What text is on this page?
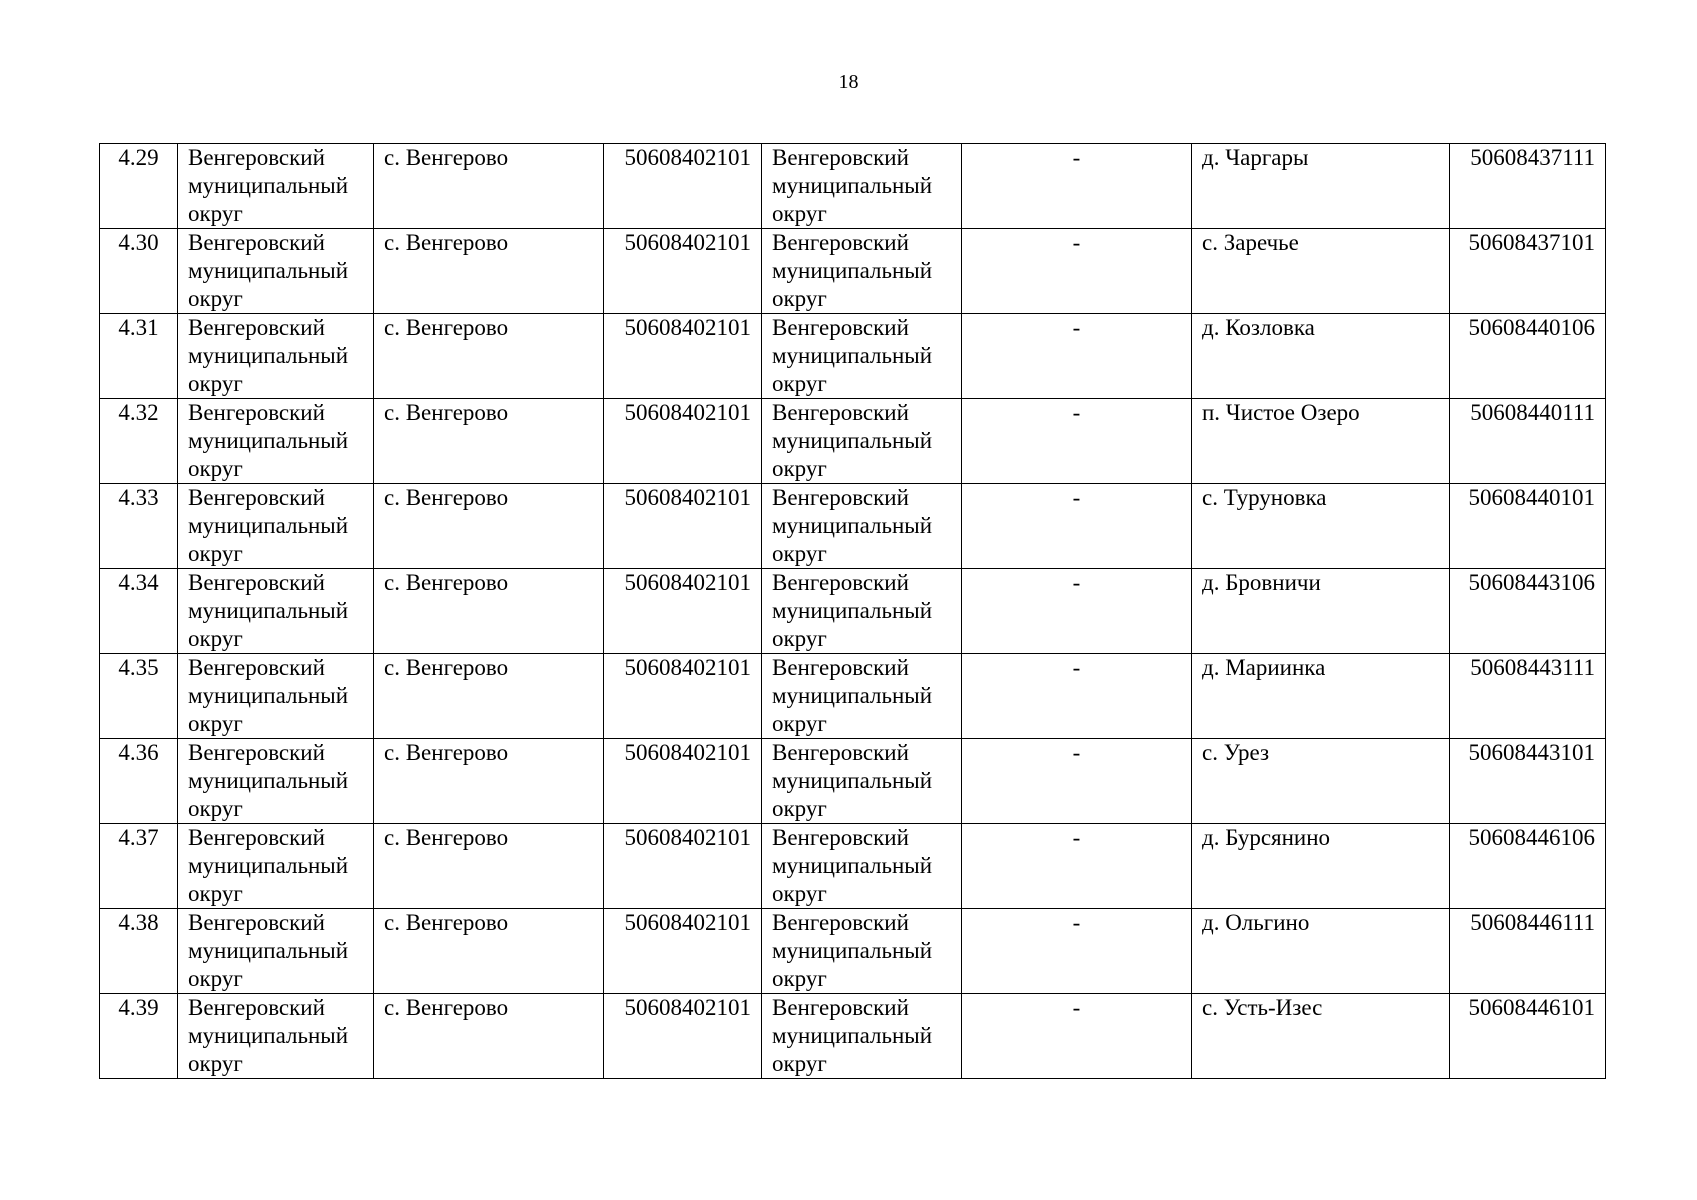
18
4.29	Венгеровский муниципальный округ	с. Венгерово	50608402101	Венгеровский муниципальный округ	-	д. Чаргары	50608437111
4.30	Венгеровский муниципальный округ	с. Венгерово	50608402101	Венгеровский муниципальный округ	-	с. Заречье	50608437101
4.31	Венгеровский муниципальный округ	с. Венгерово	50608402101	Венгеровский муниципальный округ	-	д. Козловка	50608440106
4.32	Венгеровский муниципальный округ	с. Венгерово	50608402101	Венгеровский муниципальный округ	-	п. Чистое Озеро	50608440111
4.33	Венгеровский муниципальный округ	с. Венгерово	50608402101	Венгеровский муниципальный округ	-	с. Туруновка	50608440101
4.34	Венгеровский муниципальный округ	с. Венгерово	50608402101	Венгеровский муниципальный округ	-	д. Бровничи	50608443106
4.35	Венгеровский муниципальный округ	с. Венгерово	50608402101	Венгеровский муниципальный округ	-	д. Мариинка	50608443111
4.36	Венгеровский муниципальный округ	с. Венгерово	50608402101	Венгеровский муниципальный округ	-	с. Урез	50608443101
4.37	Венгеровский муниципальный округ	с. Венгерово	50608402101	Венгеровский муниципальный округ	-	д. Бурсянино	50608446106
4.38	Венгеровский муниципальный округ	с. Венгерово	50608402101	Венгеровский муниципальный округ	-	д. Ольгино	50608446111
4.39	Венгеровский муниципальный округ	с. Венгерово	50608402101	Венгеровский муниципальный округ	-	с. Усть-Изес	50608446101
